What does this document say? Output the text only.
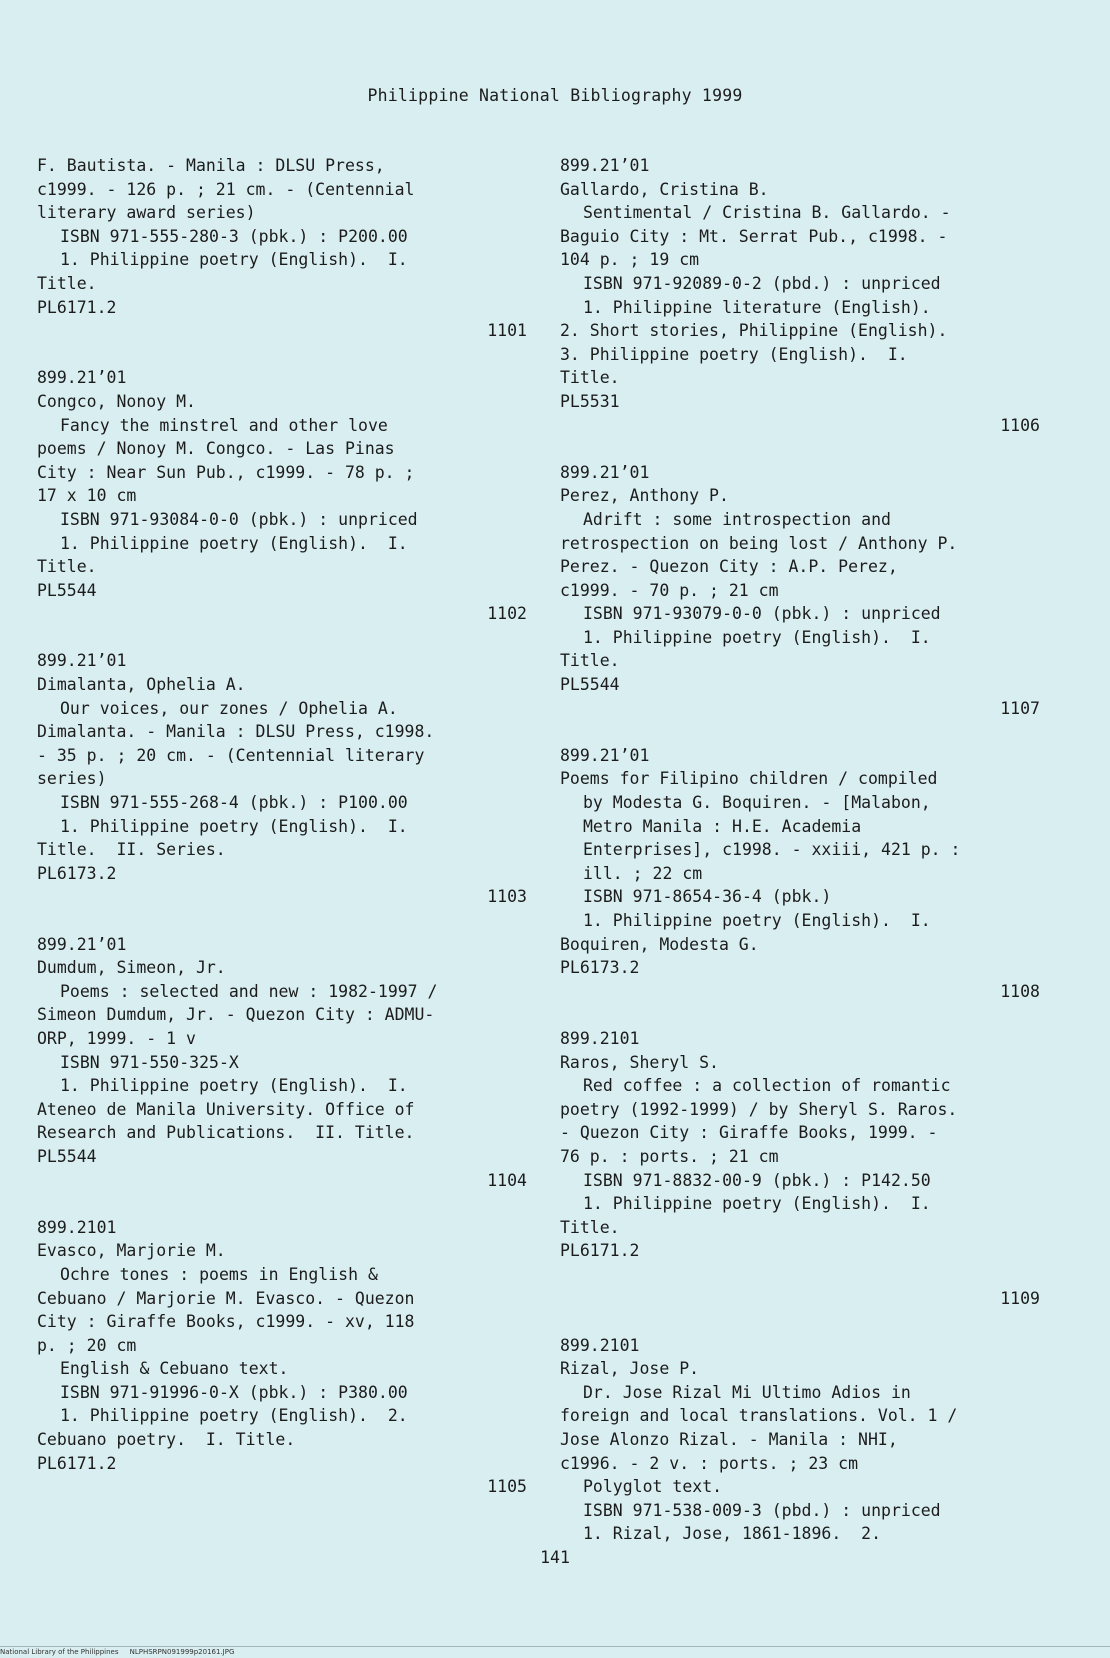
Philippine National Bibliography 1999
F. Bautista. - Manila : DLSU Press,
c1999. - 126 p. ; 21 cm. - (Centennial
literary award series)
ISBN 971-555-280-3 (pbk.) : P200.00
1. Philippine poetry (English).  I.
Title.
PL6171.2
1101
899.21’01
Congco, Nonoy M.
Fancy the minstrel and other love
poems / Nonoy M. Congco. - Las Pinas
City : Near Sun Pub., c1999. - 78 p. ;
17 x 10 cm
ISBN 971-93084-0-0 (pbk.) : unpriced
1. Philippine poetry (English).  I.
Title.
PL5544
1102
899.21’01
Dimalanta, Ophelia A.
Our voices, our zones / Ophelia A.
Dimalanta. - Manila : DLSU Press, c1998.
- 35 p. ; 20 cm. - (Centennial literary
series)
ISBN 971-555-268-4 (pbk.) : P100.00
1. Philippine poetry (English).  I.
Title.  II. Series.
PL6173.2
1103
899.21’01
Dumdum, Simeon, Jr.
Poems : selected and new : 1982-1997 /
Simeon Dumdum, Jr. - Quezon City : ADMU-
ORP, 1999. - 1 v
ISBN 971-550-325-X
1. Philippine poetry (English).  I.
Ateneo de Manila University. Office of
Research and Publications.  II. Title.
PL5544
1104
899.2101
Evasco, Marjorie M.
Ochre tones : poems in English &
Cebuano / Marjorie M. Evasco. - Quezon
City : Giraffe Books, c1999. - xv, 118
p. ; 20 cm
English & Cebuano text.
ISBN 971-91996-0-X (pbk.) : P380.00
1. Philippine poetry (English).  2.
Cebuano poetry.  I. Title.
PL6171.2
1105
899.21’01
Gallardo, Cristina B.
Sentimental / Cristina B. Gallardo. -
Baguio City : Mt. Serrat Pub., c1998. -
104 p. ; 19 cm
ISBN 971-92089-0-2 (pbd.) : unpriced
1. Philippine literature (English).
2. Short stories, Philippine (English).
3. Philippine poetry (English).  I.
Title.
PL5531
1106
899.21’01
Perez, Anthony P.
Adrift : some introspection and
retrospection on being lost / Anthony P.
Perez. - Quezon City : A.P. Perez,
c1999. - 70 p. ; 21 cm
ISBN 971-93079-0-0 (pbk.) : unpriced
1. Philippine poetry (English).  I.
Title.
PL5544
1107
899.21’01
Poems for Filipino children / compiled
by Modesta G. Boquiren. - [Malabon,
Metro Manila : H.E. Academia
Enterprises], c1998. - xxiii, 421 p. :
ill. ; 22 cm
ISBN 971-8654-36-4 (pbk.)
1. Philippine poetry (English).  I.
Boquiren, Modesta G.
PL6173.2
1108
899.2101
Raros, Sheryl S.
Red coffee : a collection of romantic
poetry (1992-1999) / by Sheryl S. Raros.
- Quezon City : Giraffe Books, 1999. -
76 p. : ports. ; 21 cm
ISBN 971-8832-00-9 (pbk.) : P142.50
1. Philippine poetry (English).  I.
Title.
PL6171.2
1109
899.2101
Rizal, Jose P.
Dr. Jose Rizal Mi Ultimo Adios in
foreign and local translations. Vol. 1 /
Jose Alonzo Rizal. - Manila : NHI,
c1996. - 2 v. : ports. ; 23 cm
Polyglot text.
ISBN 971-538-009-3 (pbd.) : unpriced
1. Rizal, Jose, 1861-1896.  2.
141
National Library of the Philippines     NLPHSRPN091999p20161.JPG
